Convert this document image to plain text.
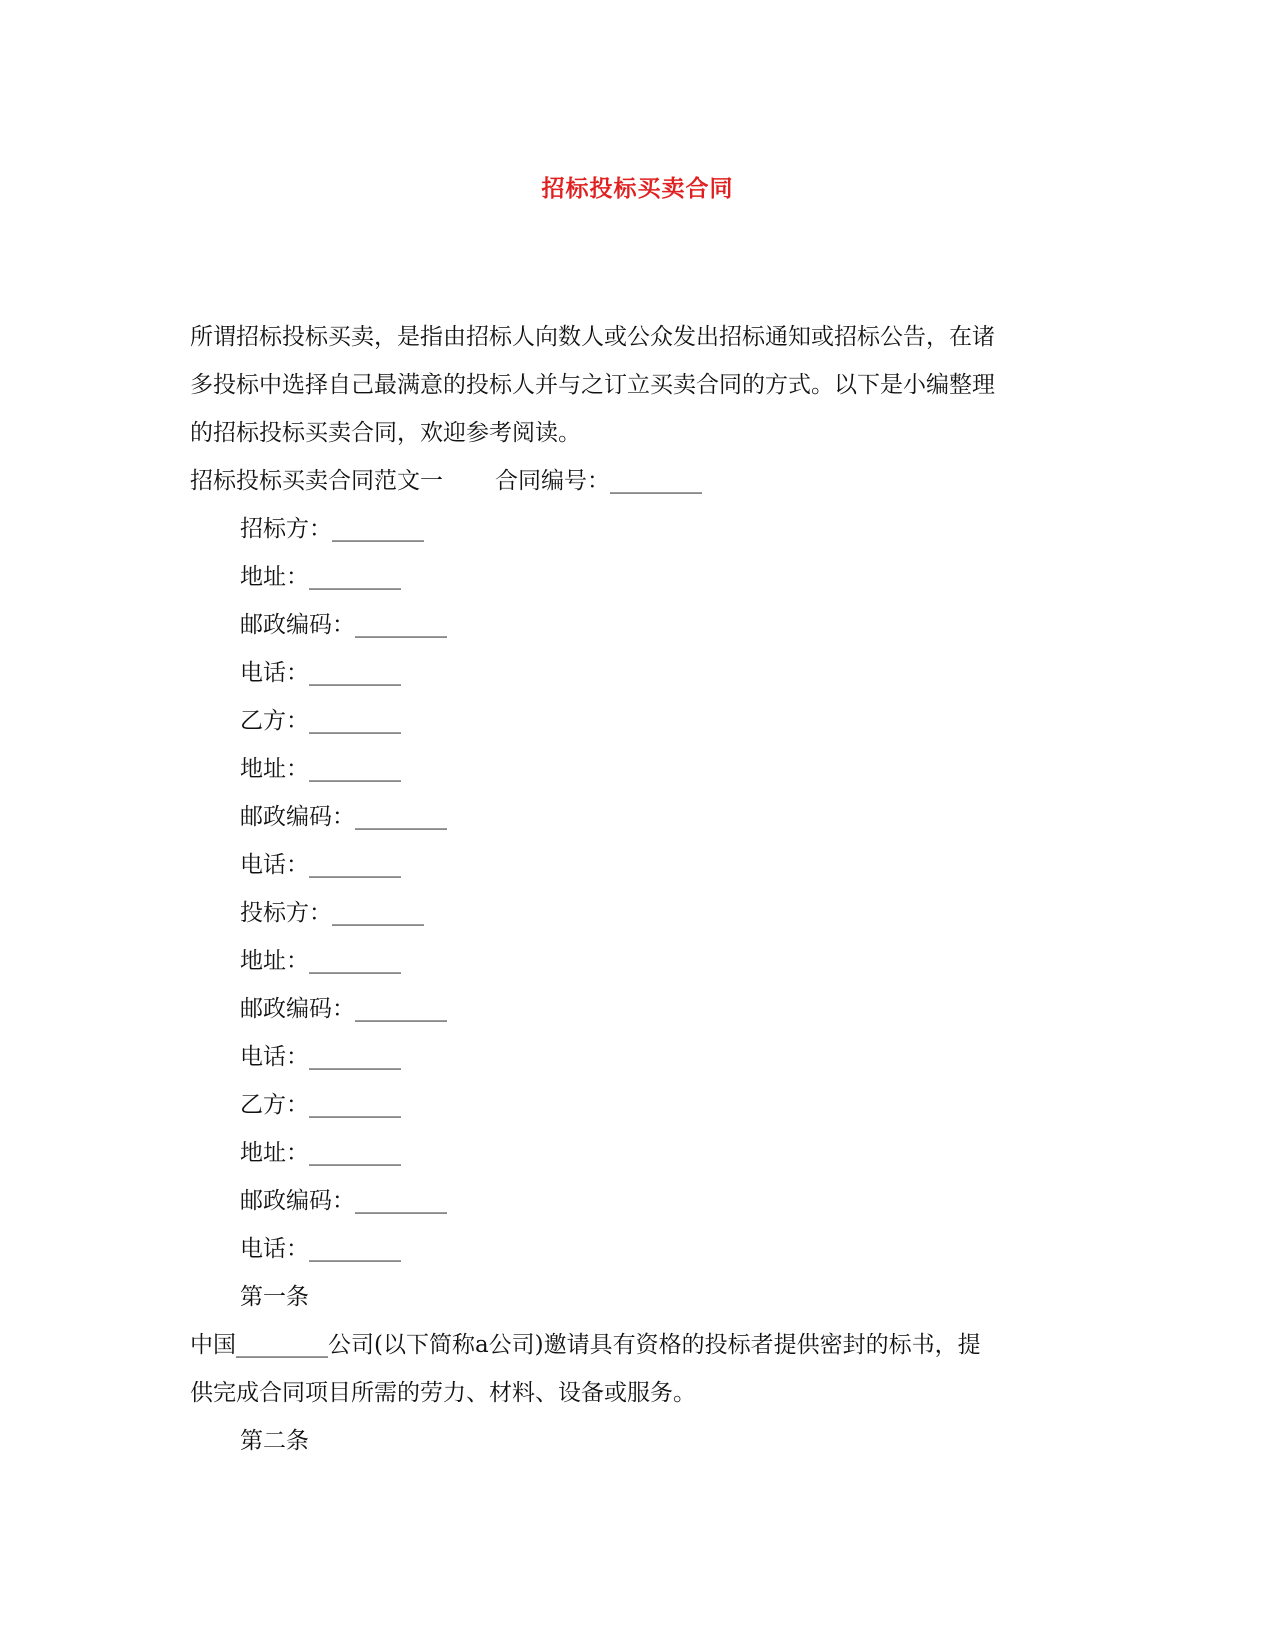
招标投标买卖合同
所谓招标投标买卖，是指由招标人向数人或公众发出招标通知或招标公告，在诸
多投标中选择自己最满意的投标人并与之订立买卖合同的方式。以下是小编整理
的招标投标买卖合同，欢迎参考阅读。
招标投标买卖合同范文一 合同编号：________
招标方：________
地址：________
邮政编码：________
电话：________
乙方：________
地址：________
邮政编码：________
电话：________
投标方：________
地址：________
邮政编码：________
电话：________
乙方：________
地址：________
邮政编码：________
电话：________
第一条
中国________公司(以下简称a公司)邀请具有资格的投标者提供密封的标书，提
供完成合同项目所需的劳力、材料、设备或服务。
第二条
